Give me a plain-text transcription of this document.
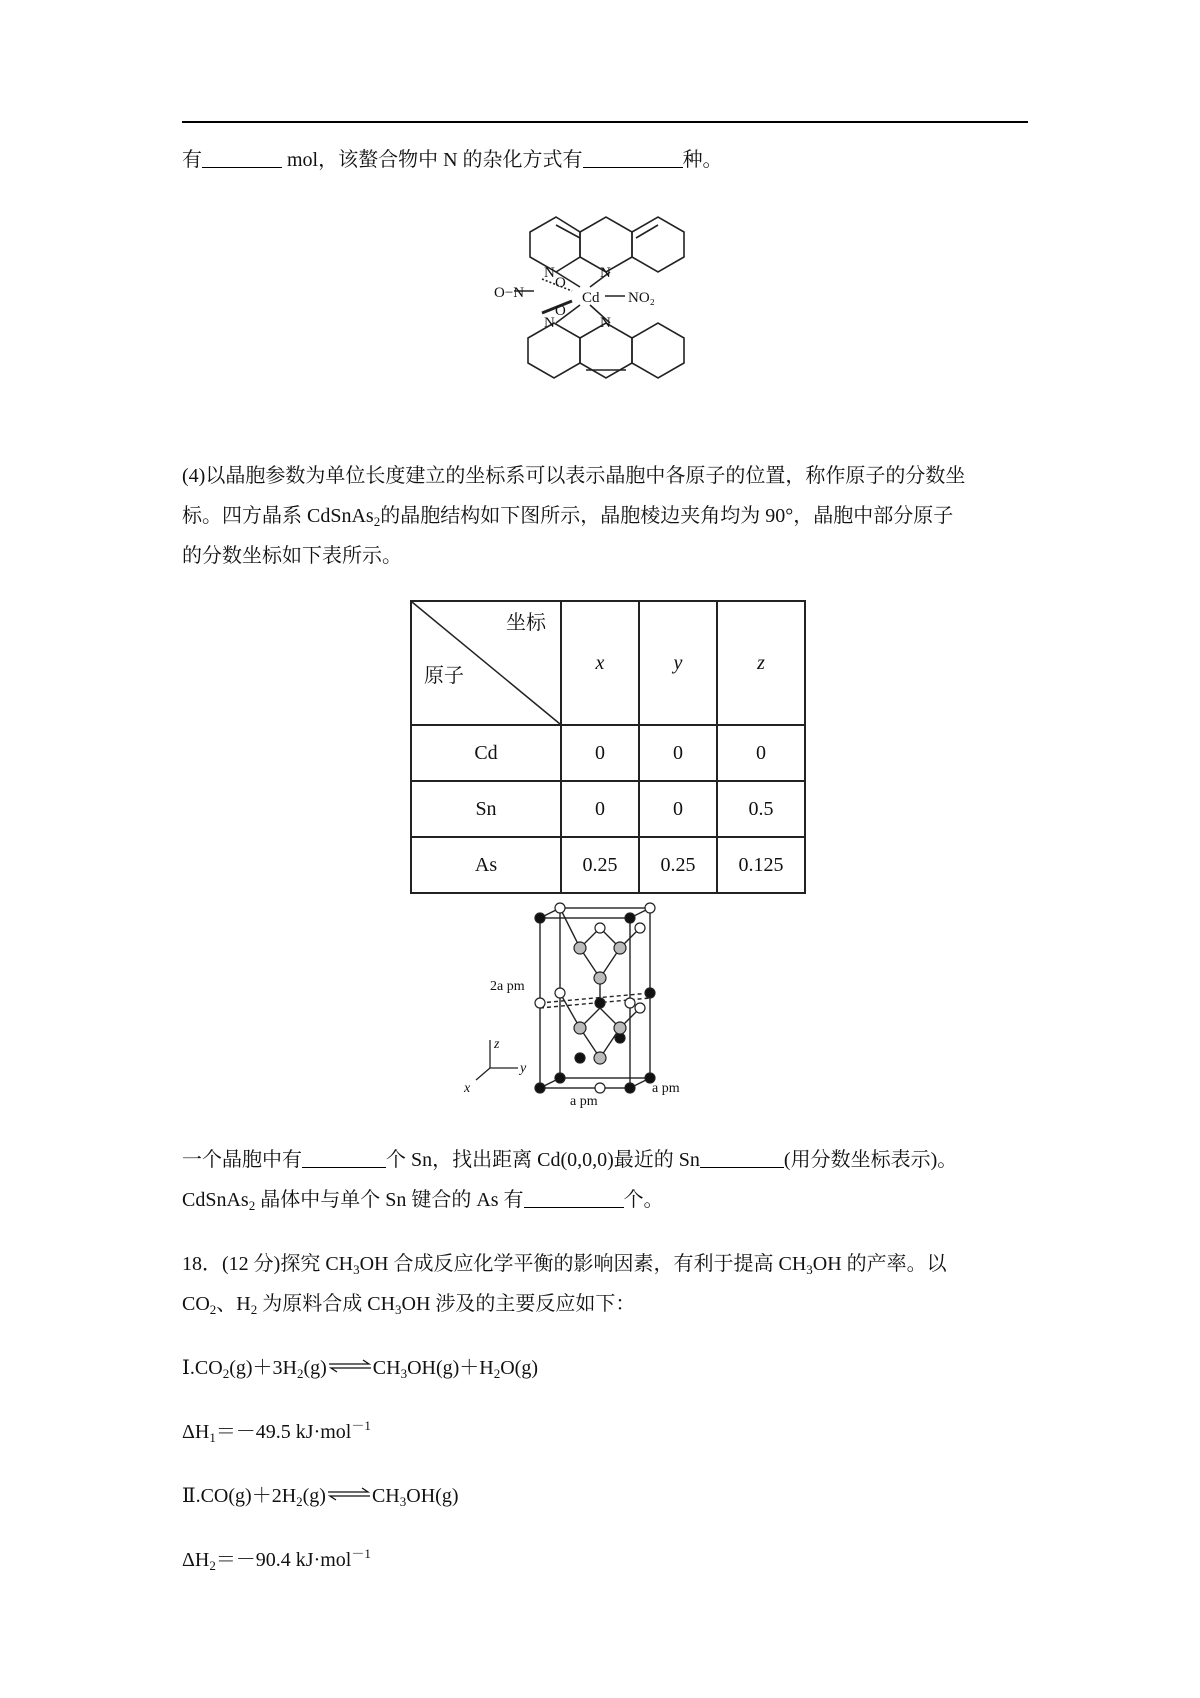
有	mol，该螯合物中 N 的杂化方式有	种。
N	N
N	N
Cd NO₂
O
O
O−N
(4)以晶胞参数为单位长度建立的坐标系可以表示晶胞中各原子的位置，称作原子的分数坐
标。四方晶系 CdSnAs$_2$的晶胞结构如下图所示，晶胞棱边夹角均为 90°，晶胞中部分原子
的分数坐标如下表所示。
坐标
原子	x	y	z
Cd	0	0	0
Sn	0	0	0.5
As	0.25	0.25	0.125
z
y
x
2a pm
a pm
a pm
一个晶胞中有	个 Sn，找出距离 Cd(0,0,0)最近的 Sn	(用分数坐标表示)。
CdSnAs$_2$ 晶体中与单个 Sn 键合的 As 有	个。
18．(12 分)探究 $CH_3OH$ 合成反应化学平衡的影响因素，有利于提高 $CH_3OH$ 的产率。以
$CO_2$、$H_2$ 为原料合成 $CH_3OH$ 涉及的主要反应如下：
$Ⅰ.CO_2(g)+3H_2(g)\rightleftharpoons CH_3OH(g)+H_2O(g)$
$\Delta H_1=-49.5$ kJ·mol$^{-1}$
$Ⅱ.CO(g)+2H_2(g)\rightleftharpoons CH_3OH(g)$
$\Delta H_2=-90.4$ kJ·mol$^{-1}$
